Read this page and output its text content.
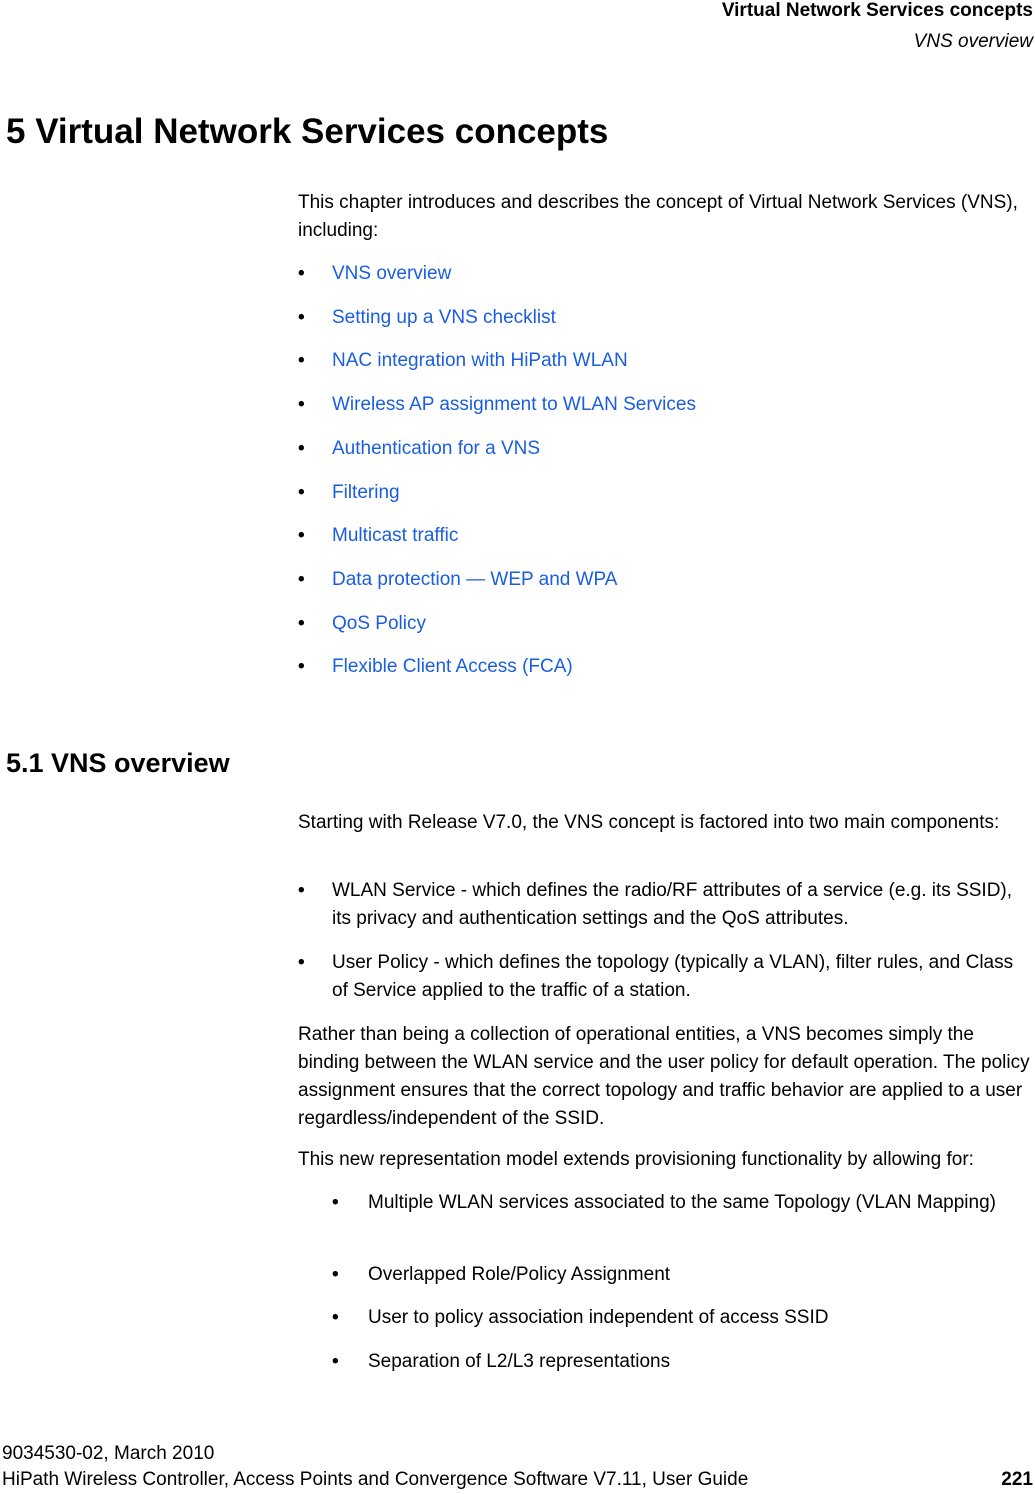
Virtual Network Services concepts
VNS overview
5 Virtual Network Services concepts

This chapter introduces and describes the concept of Virtual Network Services (VNS), including:

• VNS overview
• Setting up a VNS checklist
• NAC integration with HiPath WLAN
• Wireless AP assignment to WLAN Services
• Authentication for a VNS
• Filtering
• Multicast traffic
• Data protection — WEP and WPA
• QoS Policy
• Flexible Client Access (FCA)
5.1 VNS overview

Starting with Release V7.0, the VNS concept is factored into two main components:

• WLAN Service - which defines the radio/RF attributes of a service (e.g. its SSID), its privacy and authentication settings and the QoS attributes.
• User Policy - which defines the topology (typically a VLAN), filter rules, and Class of Service applied to the traffic of a station.

Rather than being a collection of operational entities, a VNS becomes simply the binding between the WLAN service and the user policy for default operation. The policy assignment ensures that the correct topology and traffic behavior are applied to a user regardless/independent of the SSID.

This new representation model extends provisioning functionality by allowing for:

• Multiple WLAN services associated to the same Topology (VLAN Mapping)
• Overlapped Role/Policy Assignment
• User to policy association independent of access SSID
• Separation of L2/L3 representations
9034530-02, March 2010
HiPath Wireless Controller, Access Points and Convergence Software V7.11, User Guide	221
